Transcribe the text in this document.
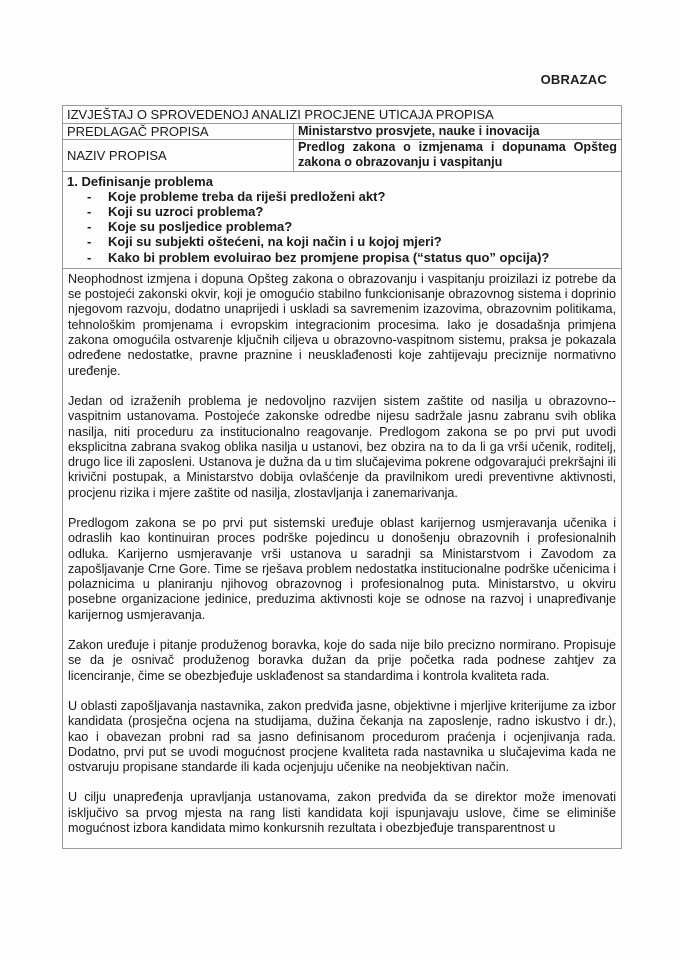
OBRAZAC
IZVJEŠTAJ O SPROVEDENOJ ANALIZI PROCJENE UTICAJA PROPISA	
PREDLAGAČ PROPISA	Ministarstvo prosvjete, nauke i inovacija
NAZIV PROPISA	Predlog zakona o izmjenama i dopunama Opšteg
zakona o obrazovanju i vaspitanju

1. Definisanje problema
- Koje probleme treba da riješi predloženi akt?
- Koji su uzroci problema?
- Koje su posljedice problema?
- Koji su subjekti oštećeni, na koji način i u kojoj mjeri?
- Kako bi problem evoluirao bez promjene propisa (“status quo” opcija)?

Neophodnost izmjena i dopuna Opšteg zakona o obrazovanju i vaspitanju proizilazi iz potrebe da se postojeći zakonski okvir, koji je omogućio stabilno funkcionisanje obrazovnog sistema i doprinio njegovom razvoju, dodatno unaprijedi i uskladi sa savremenim izazovima, obrazovnim politikama, tehnološkim promjenama i evropskim integracionim procesima. Iako je dosadašnja primjena zakona omogućila ostvarenje ključnih ciljeva u obrazovno-vaspitnom sistemu, praksa je pokazala određene nedostatke, pravne praznine i neusklađenosti koje zahtijevaju preciznije normativno uređenje.

Jedan od izraženih problema je nedovoljno razvijen sistem zaštite od nasilja u obrazovno--vaspitnim ustanovama. Postojeće zakonske odredbe nijesu sadržale jasnu zabranu svih oblika nasilja, niti proceduru za institucionalno reagovanje. Predlogom zakona se po prvi put uvodi eksplicitna zabrana svakog oblika nasilja u ustanovi, bez obzira na to da li ga vrši učenik, roditelj, drugo lice ili zaposleni. Ustanova je dužna da u tim slučajevima pokrene odgovarajući prekršajni ili krivični postupak, a Ministarstvo dobija ovlašćenje da pravilnikom uredi preventivne aktivnosti, procjenu rizika i mjere zaštite od nasilja, zlostavljanja i zanemarivanja.

Predlogom zakona se po prvi put sistemski uređuje oblast karijernog usmjeravanja učenika i odraslih kao kontinuiran proces podrške pojedincu u donošenju obrazovnih i profesionalnih odluka. Karijerno usmjeravanje vrši ustanova u saradnji sa Ministarstvom i Zavodom za zapošljavanje Crne Gore. Time se rješava problem nedostatka institucionalne podrške učenicima i polaznicima u planiranju njihovog obrazovnog i profesionalnog puta. Ministarstvo, u okviru posebne organizacione jedinice, preduzima aktivnosti koje se odnose na razvoj i unapređivanje karijernog usmjeravanja.

Zakon uređuje i pitanje produženog boravka, koje do sada nije bilo precizno normirano. Propisuje se da je osnivač produženog boravka dužan da prije početka rada podnese zahtjev za licenciranje, čime se obezbjeđuje usklađenost sa standardima i kontrola kvaliteta rada.

U oblasti zapošljavanja nastavnika, zakon predviđa jasne, objektivne i mjerljive kriterijume za izbor kandidata (prosječna ocjena na studijama, dužina čekanja na zaposlenje, radno iskustvo i dr.), kao i obavezan probni rad sa jasno definisanom procedurom praćenja i ocjenjivanja rada. Dodatno, prvi put se uvodi mogućnost procjene kvaliteta rada nastavnika u slučajevima kada ne ostvaruju propisane standarde ili kada ocjenjuju učenike na neobjektivan način.

U cilju unapređenja upravljanja ustanovama, zakon predviđa da se direktor može imenovati isključivo sa prvog mjesta na rang listi kandidata koji ispunjavaju uslove, čime se eliminiše mogućnost izbora kandidata mimo konkursnih rezultata i obezbjeđuje transparentnost u
